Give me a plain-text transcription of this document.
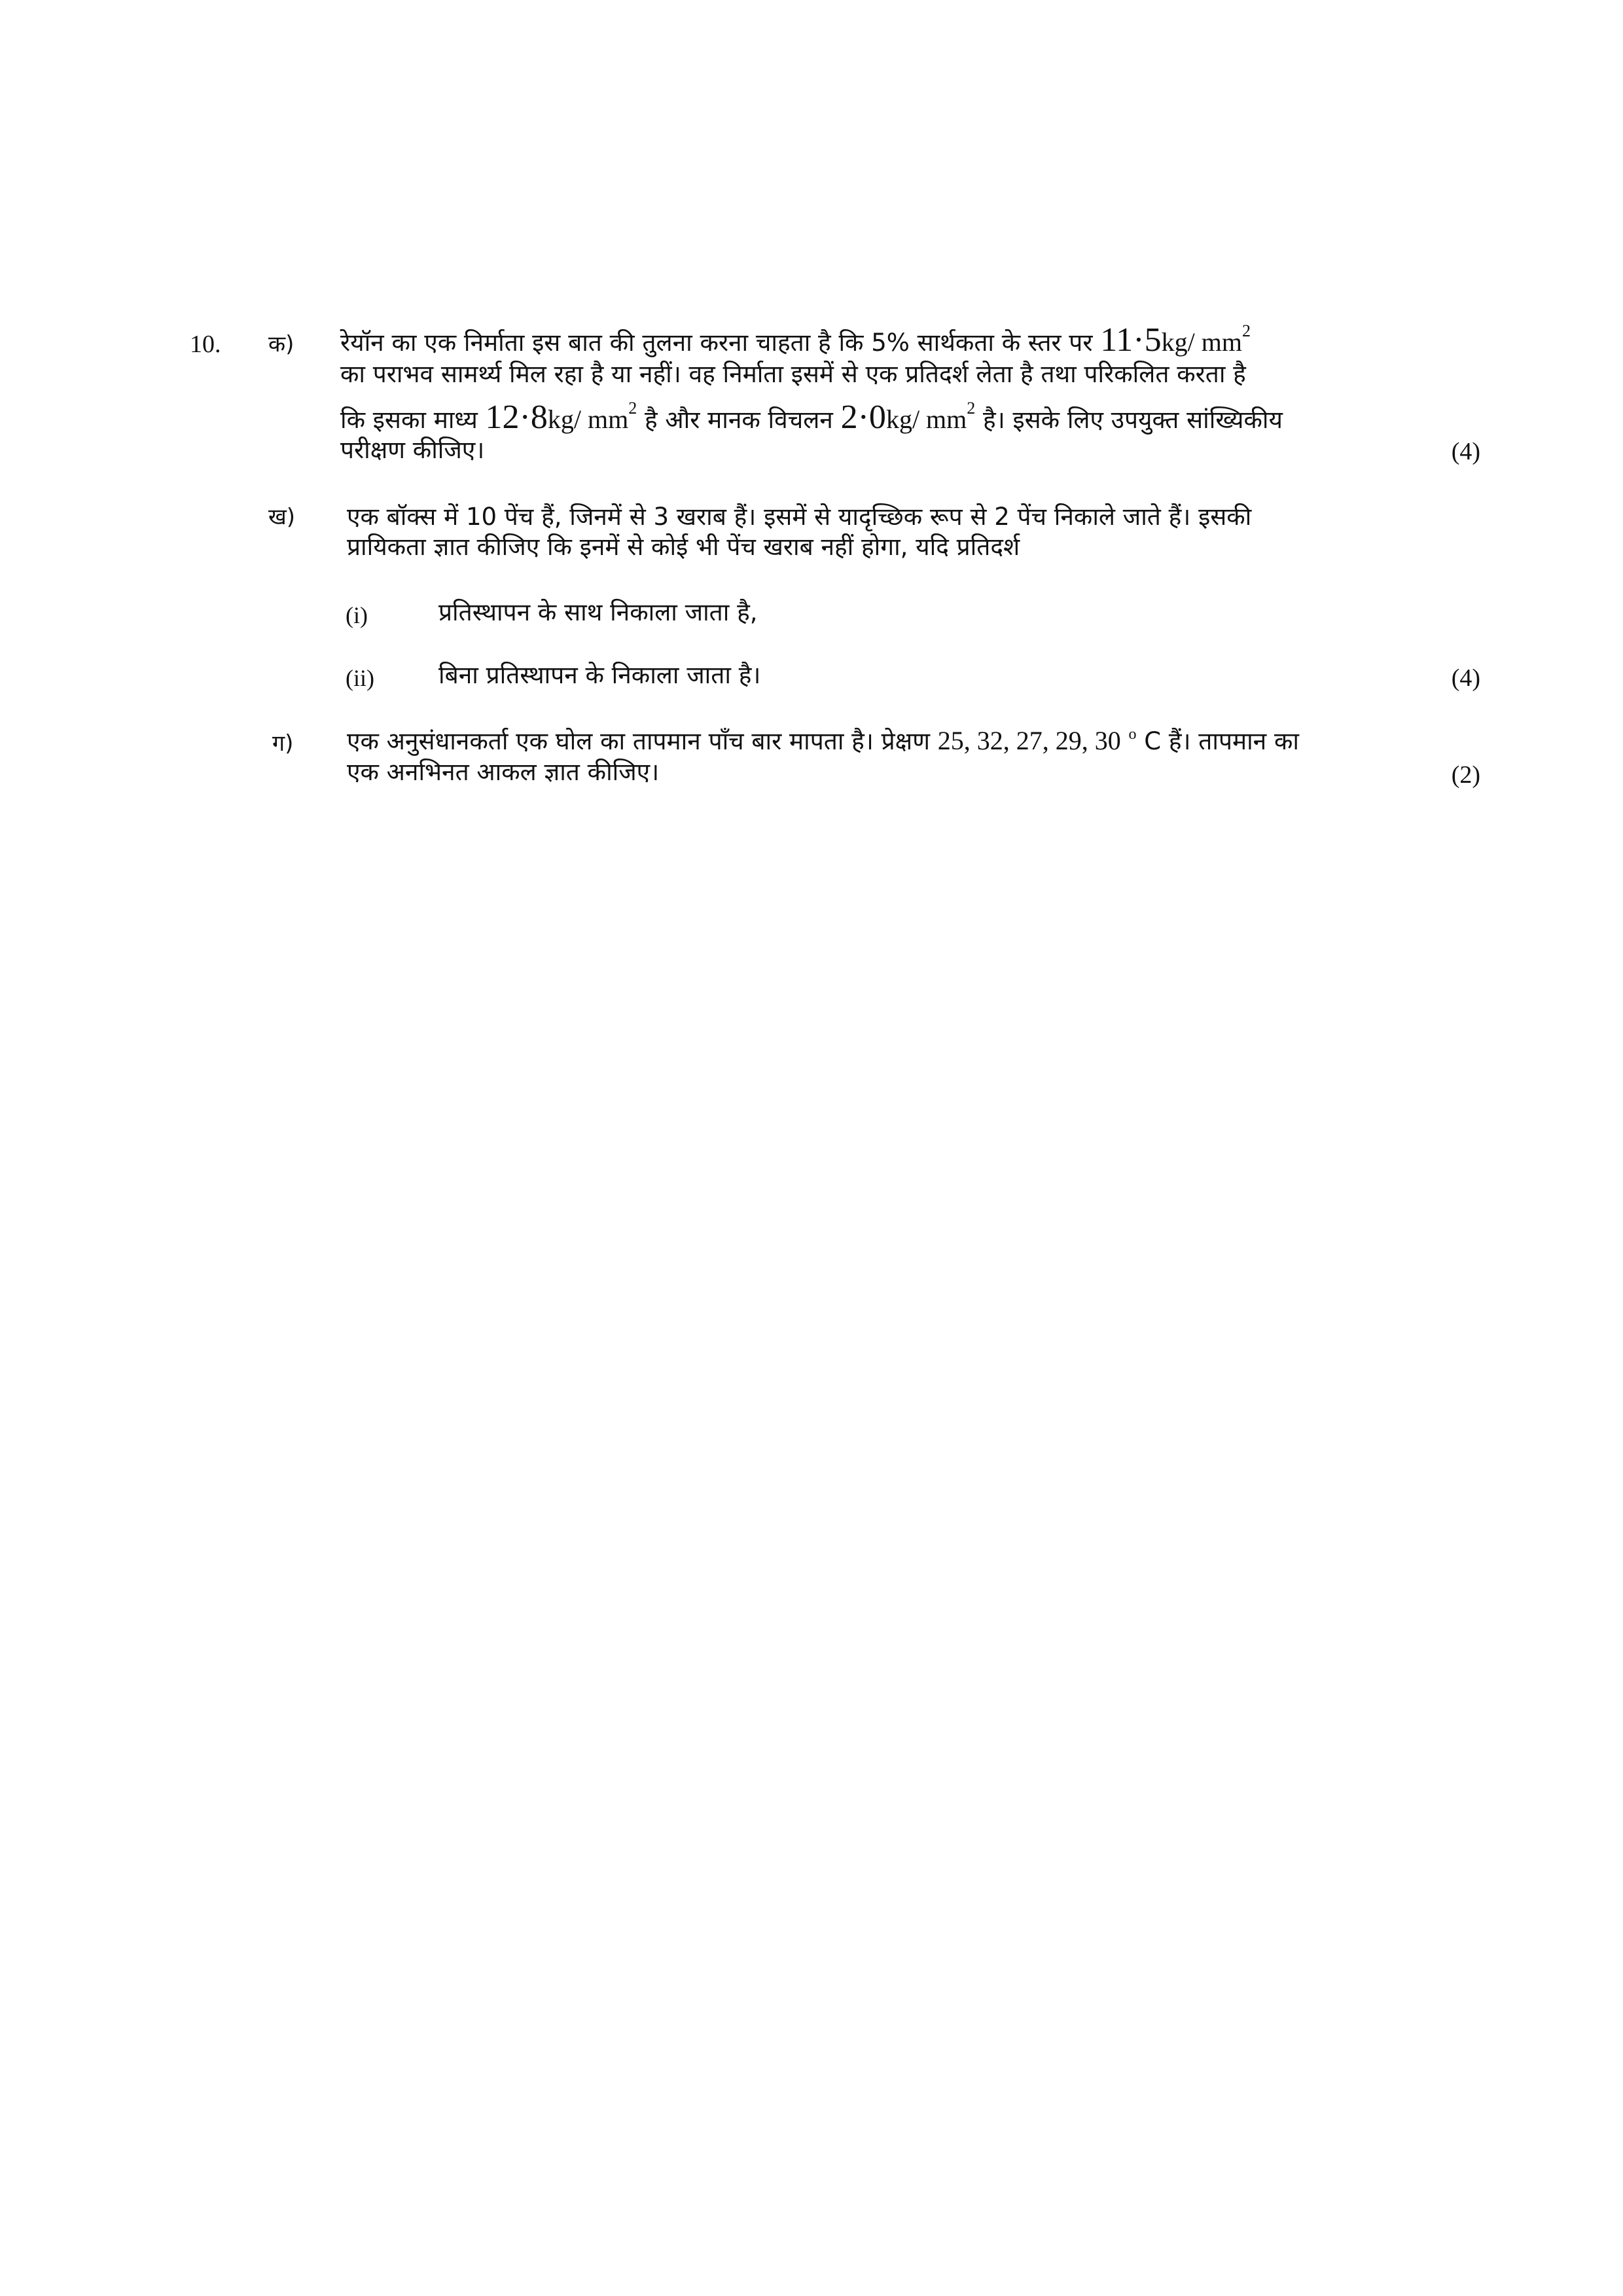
10. क) रेयॉन का एक निर्माता इस बात की तुलना करना चाहता है कि 5% सार्थकता के स्तर पर 11·5kg/ $mm^2$
का पराभव सामर्थ्य मिल रहा है या नहीं। वह निर्माता इसमें से एक प्रतिदर्श लेता है तथा परिकलित करता है
कि इसका माध्य 12·8kg/ $mm^2$ है और मानक विचलन 2·0kg/ $mm^2$ है। इसके लिए उपयुक्त सांख्यिकीय
परीक्षण कीजिए।	(4)
ख) एक बॉक्स में 10 पेंच हैं, जिनमें से 3 खराब हैं। इसमें से यादृच्छिक रूप से 2 पेंच निकाले जाते हैं। इसकी
प्रायिकता ज्ञात कीजिए कि इनमें से कोई भी पेंच खराब नहीं होगा, यदि प्रतिदर्श
(i)	प्रतिस्थापन के साथ निकाला जाता है,
(ii)	बिना प्रतिस्थापन के निकाला जाता है।	(4)
ग) एक अनुसंधानकर्ता एक घोल का तापमान पाँच बार मापता है। प्रेक्षण 25, 32, 27, 29, 30 $^o$ C हैं। तापमान का
एक अनभिनत आकल ज्ञात कीजिए।	(2)
